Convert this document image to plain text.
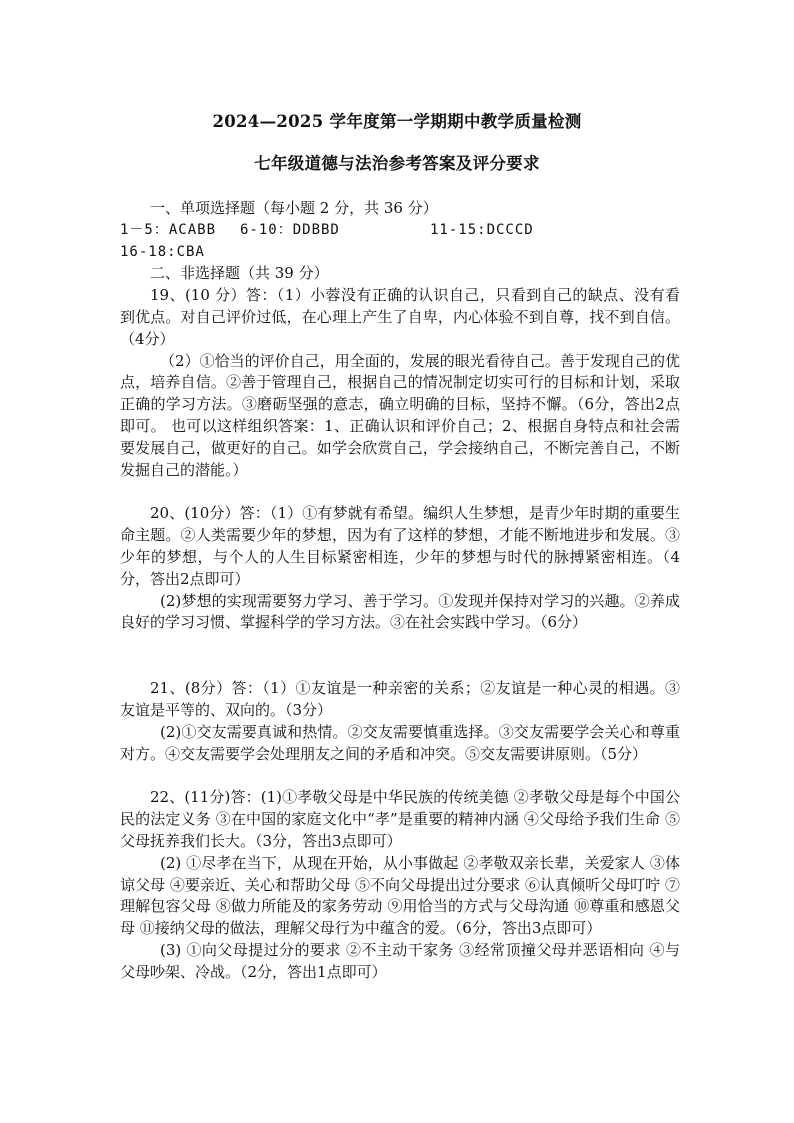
2024—2025 学年度第一学期期中教学质量检测
七年级道德与法治参考答案及评分要求

一、单项选择题（每小题 2 分，共 36 分）

1－5：ACABB 6-10：DDBBD	11-15:DCCCD

16-18:CBA

二、非选择题（共 39 分）

19、(10 分）答：（1）小蓉没有正确的认识自己，只看到自己的缺点、没有看到优点。对自己评价过低，在心理上产生了自卑，内心体验不到自尊，找不到自信。（4分）

（2）①恰当的评价自己，用全面的，发展的眼光看待自己。善于发现自己的优点，培养自信。②善于管理自己，根据自己的情况制定切实可行的目标和计划，采取正确的学习方法。③磨砺坚强的意志，确立明确的目标，坚持不懈。（6分，答出2点即可。 也可以这样组织答案：1、正确认识和评价自己；2、根据自身特点和社会需要发展自己，做更好的自己。如学会欣赏自己，学会接纳自己，不断完善自己，不断发掘自己的潜能。）

20、(10分）答：（1）①有梦就有希望。编织人生梦想，是青少年时期的重要生命主题。②人类需要少年的梦想，因为有了这样的梦想，才能不断地进步和发展。③少年的梦想，与个人的人生目标紧密相连，少年的梦想与时代的脉搏紧密相连。（4分，答出2点即可）

(2)梦想的实现需要努力学习、善于学习。①发现并保持对学习的兴趣。②养成良好的学习习惯、掌握科学的学习方法。③在社会实践中学习。（6分）

21、(8分）答：（1）①友谊是一种亲密的关系；②友谊是一种心灵的相遇。③友谊是平等的、双向的。（3分）

(2)①交友需要真诚和热情。②交友需要慎重选择。③交友需要学会关心和尊重对方。④交友需要学会处理朋友之间的矛盾和冲突。⑤交友需要讲原则。（5分）

22、(11分)答：(1)①孝敬父母是中华民族的传统美德 ②孝敬父母是每个中国公民的法定义务 ③在中国的家庭文化中“孝”是重要的精神内涵 ④父母给予我们生命 ⑤父母抚养我们长大。（3分，答出3点即可）

(2) ①尽孝在当下，从现在开始，从小事做起 ②孝敬双亲长辈，关爱家人 ③体谅父母 ④要亲近、关心和帮助父母 ⑤不向父母提出过分要求 ⑥认真倾听父母叮咛 ⑦理解包容父母 ⑧做力所能及的家务劳动 ⑨用恰当的方式与父母沟通 ⑩尊重和感恩父母 ⑪接纳父母的做法，理解父母行为中蕴含的爱。（6分，答出3点即可）

(3) ①向父母提过分的要求 ②不主动干家务 ③经常顶撞父母并恶语相向 ④与父母吵架、冷战。（2分，答出1点即可）
